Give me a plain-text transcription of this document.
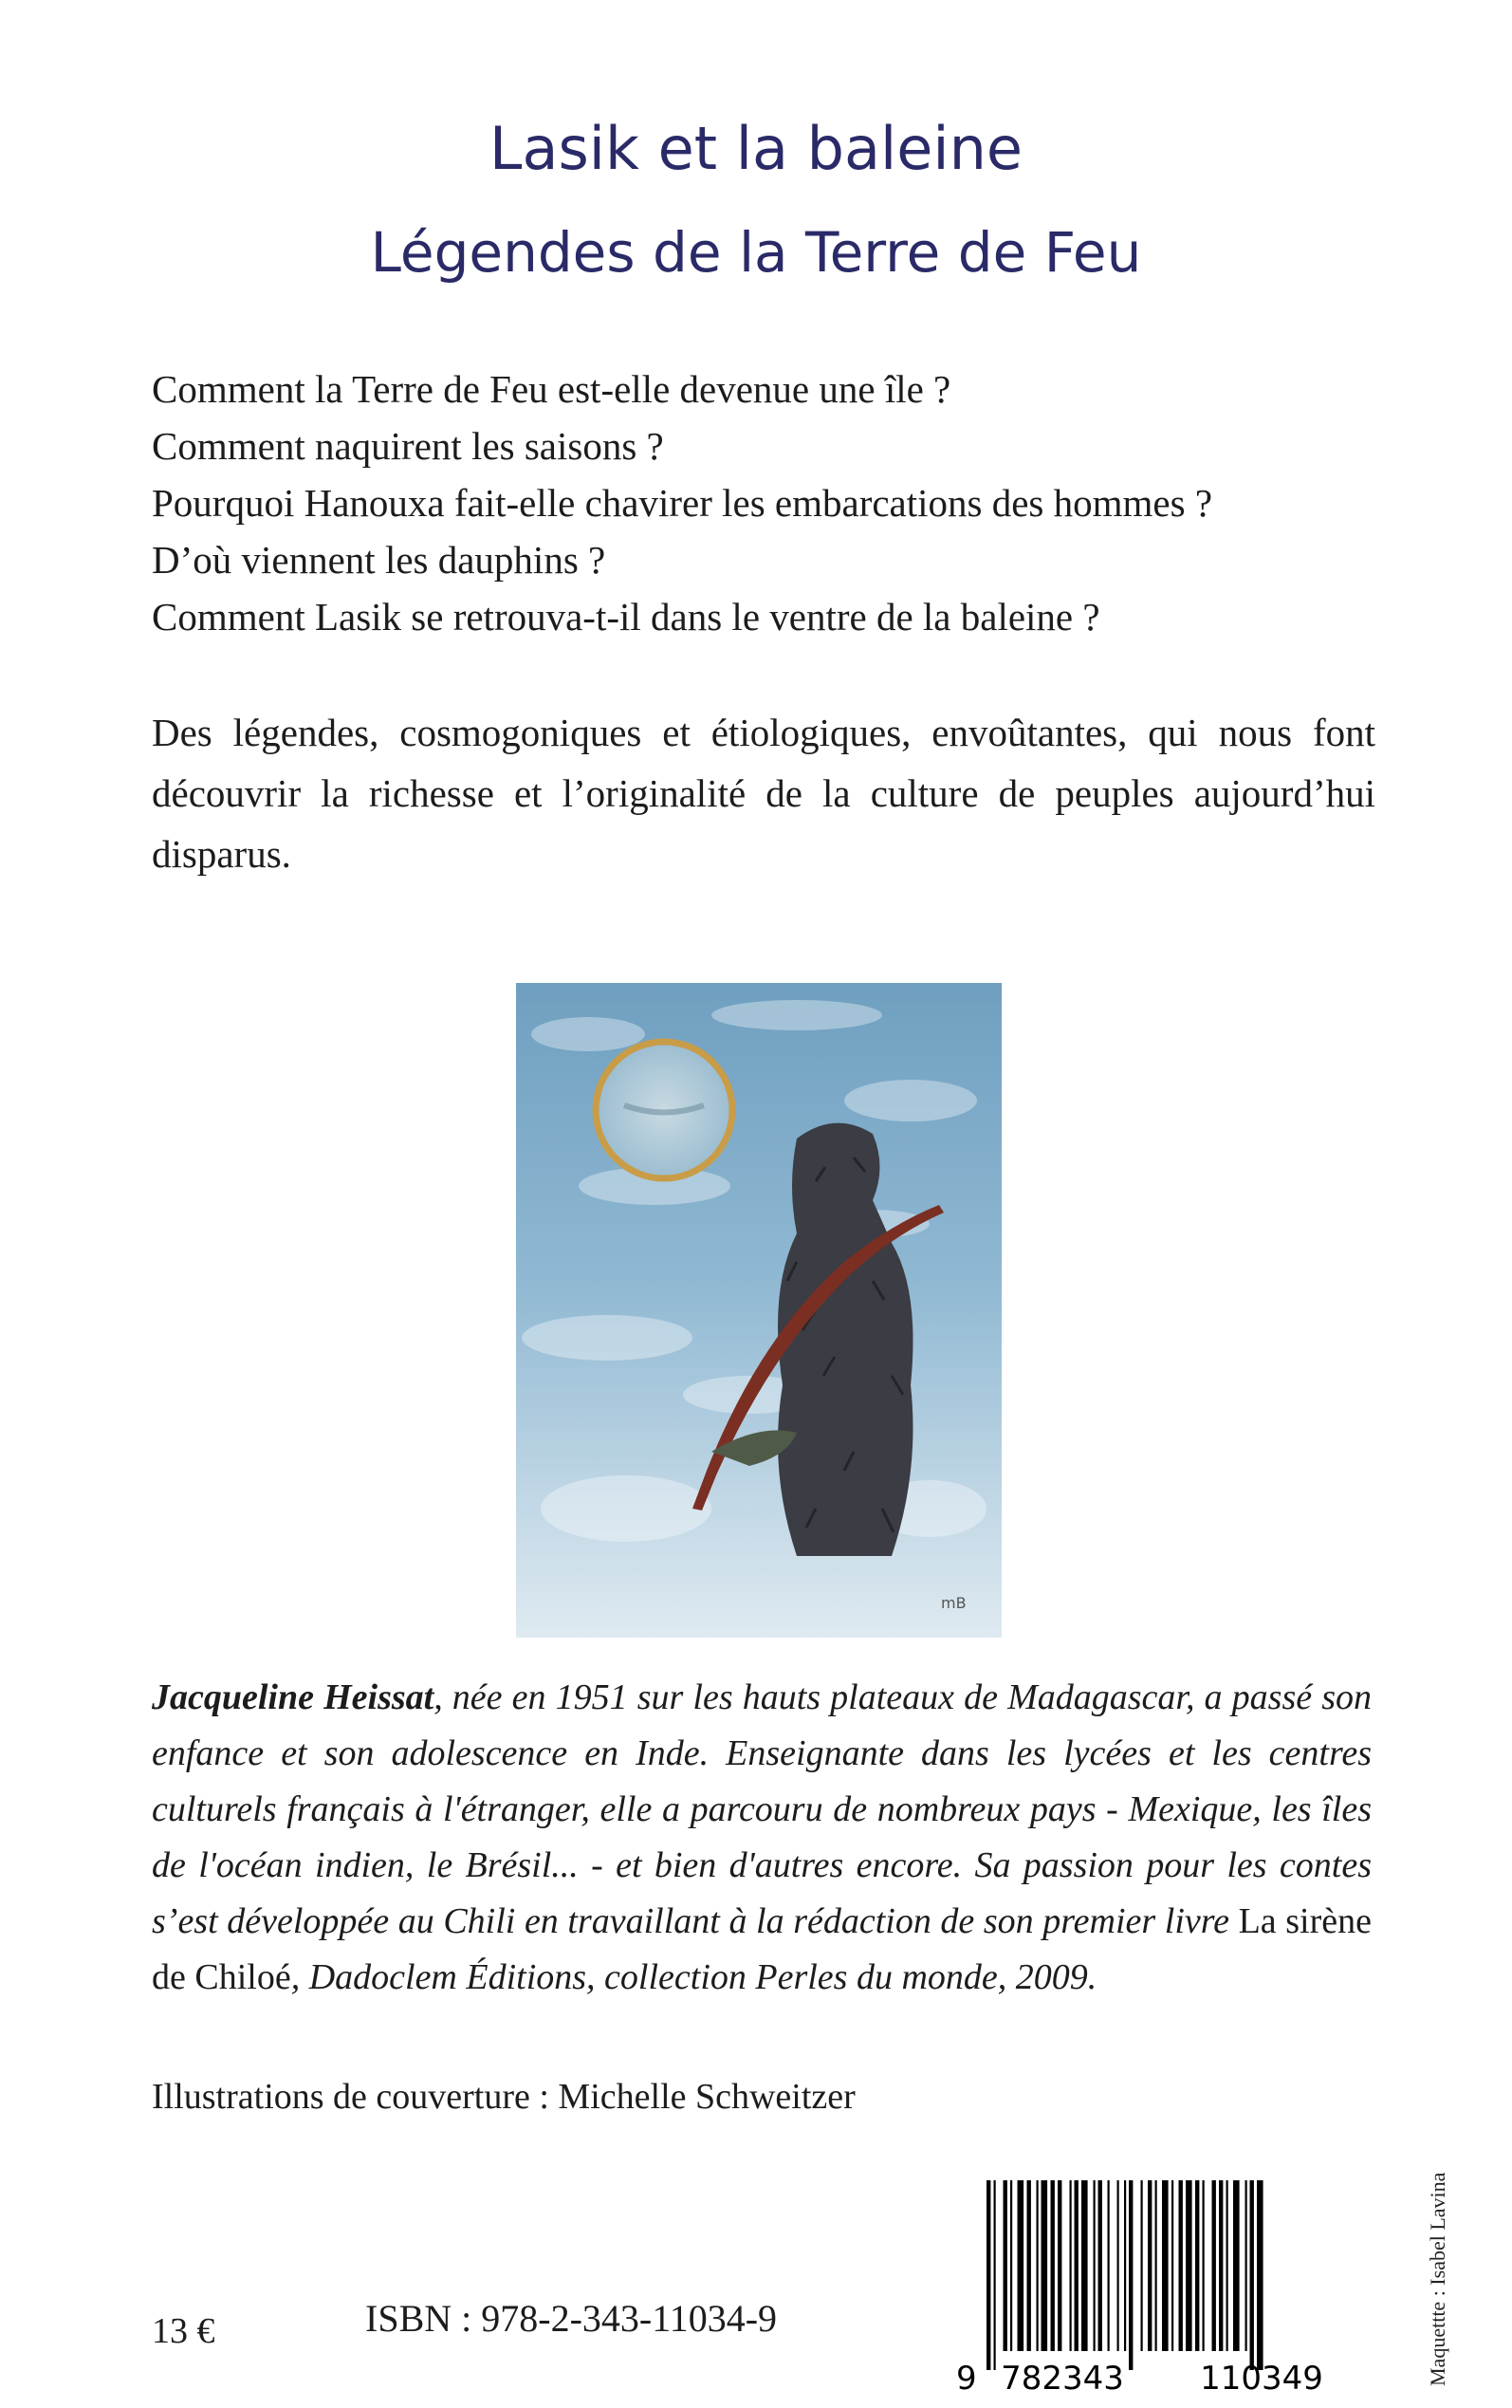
Lasik et la baleine
Légendes de la Terre de Feu
Comment la Terre de Feu est-elle devenue une île ?
Comment naquirent les saisons ?
Pourquoi Hanouxa fait-elle chavirer les embarcations des hommes ?
D’où viennent les dauphins ?
Comment Lasik se retrouva-t-il dans le ventre de la baleine ?
Des légendes, cosmogoniques et étiologiques, envoûtantes, qui nous font découvrir la richesse et l’originalité de la culture de peuples aujourd’hui disparus.
mB
Jacqueline Heissat, née en 1951 sur les hauts plateaux de Madagascar, a passé son enfance et son adolescence en Inde. Enseignante dans les lycées et les centres culturels français à l'étranger, elle a parcouru de nombreux pays - Mexique, les îles de l'océan indien, le Brésil... - et bien d'autres encore. Sa passion pour les contes s’est développée au Chili en travaillant à la rédaction de son premier livre La sirène de Chiloé, Dadoclem Éditions, collection Perles du monde, 2009.
Illustrations de couverture : Michelle Schweitzer
13 €	ISBN : 978-2-343-11034-9	Maquettte : Isabel Lavina
9 782343 110349
